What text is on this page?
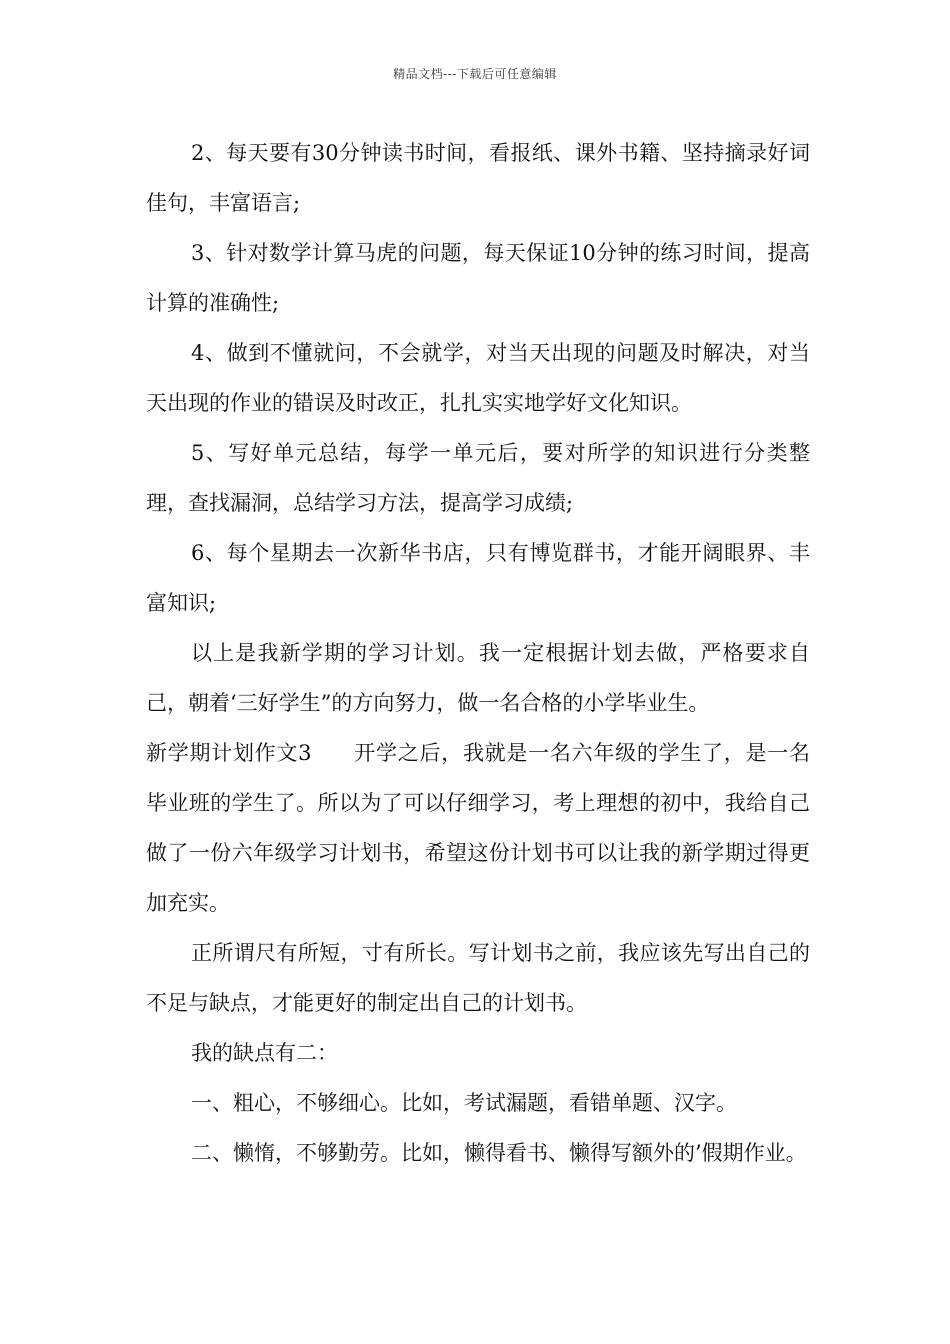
精品文档---下载后可任意编辑

2、每天要有30分钟读书时间，看报纸、课外书籍、坚持摘录好词佳句，丰富语言;

3、针对数学计算马虎的问题，每天保证10分钟的练习时间，提高计算的准确性;

4、做到不懂就问，不会就学，对当天出现的问题及时解决，对当天出现的作业的错误及时改正，扎扎实实地学好文化知识。

5、写好单元总结，每学一单元后，要对所学的知识进行分类整理，查找漏洞，总结学习方法，提高学习成绩;

6、每个星期去一次新华书店，只有博览群书，才能开阔眼界、丰富知识;

以上是我新学期的学习计划。我一定根据计划去做，严格要求自己，朝着‘三好学生”的方向努力，做一名合格的小学毕业生。

新学期计划作文3 开学之后，我就是一名六年级的学生了，是一名毕业班的学生了。所以为了可以仔细学习，考上理想的初中，我给自己做了一份六年级学习计划书，希望这份计划书可以让我的新学期过得更加充实。

正所谓尺有所短，寸有所长。写计划书之前，我应该先写出自己的不足与缺点，才能更好的制定出自己的计划书。

我的缺点有二：

一、粗心，不够细心。比如，考试漏题，看错单题、汉字。

二、懒惰，不够勤劳。比如，懒得看书、懒得写额外的’假期作业。
